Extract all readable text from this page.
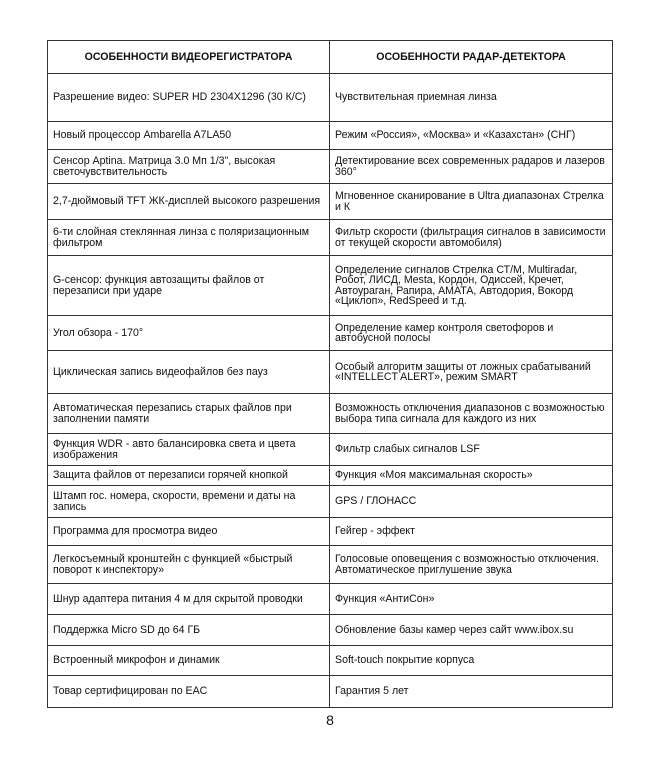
ОСОБЕННОСТИ ВИДЕОРЕГИСТРАТОРА	ОСОБЕННОСТИ РАДАР-ДЕТЕКТОРА
Разрешение видео: SUPER HD 2304X1296 (30 К/С)	Чувствительная приемная линза
Новый процессор Ambarella A7LA50	Режим «Россия», «Москва» и «Казахстан» (СНГ)
Сенсор Aptina. Матрица 3.0 Мп 1/3", высокая светочувствительность	Детектирование всех современных радаров и лазеров 360°
2,7-дюймовый TFT ЖК-дисплей высокого разрешения	Мгновенное сканирование в Ultra диапазонах Стрелка и К
6-ти слойная стеклянная линза с поляризационным фильтром	Фильтр скорости (фильтрация сигналов в зависимости от текущей скорости автомобиля)
G-сенсор: функция автозащиты файлов от перезаписи при ударе	Определение сигналов Стрелка СТ/М, Multiradar, Робот, ЛИСД, Mesta, Кордон, Одиссей, Кречет, Автоураган, Рапира, АМАТА, Автодория, Вокорд «Циклоп», RedSpeed и т.д.
Угол обзора - 170°	Определение камер контроля светофоров и автобусной полосы
Циклическая запись видеофайлов без пауз	Особый алгоритм защиты от ложных срабатываний «INTELLECT ALERT», режим SMART
Автоматическая перезапись старых файлов при заполнении памяти	Возможность отключения диапазонов с возможностью выбора типа сигнала для каждого из них
Функция WDR - авто балансировка света и цвета изображения	Фильтр слабых сигналов LSF
Защита файлов от перезаписи горячей кнопкой	Функция «Моя максимальная скорость»
Штамп гос. номера, скорости, времени и даты на запись	GPS / ГЛОНАСС
Программа для просмотра видео	Гейгер - эффект
Легкосъемный кронштейн с функцией «быстрый поворот к инспектору»	Голосовые оповещения с возможностью отключения. Автоматическое приглушение звука
Шнур адаптера питания 4 м для скрытой проводки	Функция «АнтиСон»
Поддержка Micro SD до 64 ГБ	Обновление базы камер через сайт www.ibox.su
Встроенный микрофон и динамик	Soft-touch покрытие корпуса
Товар сертифицирован по EAC	Гарантия 5 лет
8
